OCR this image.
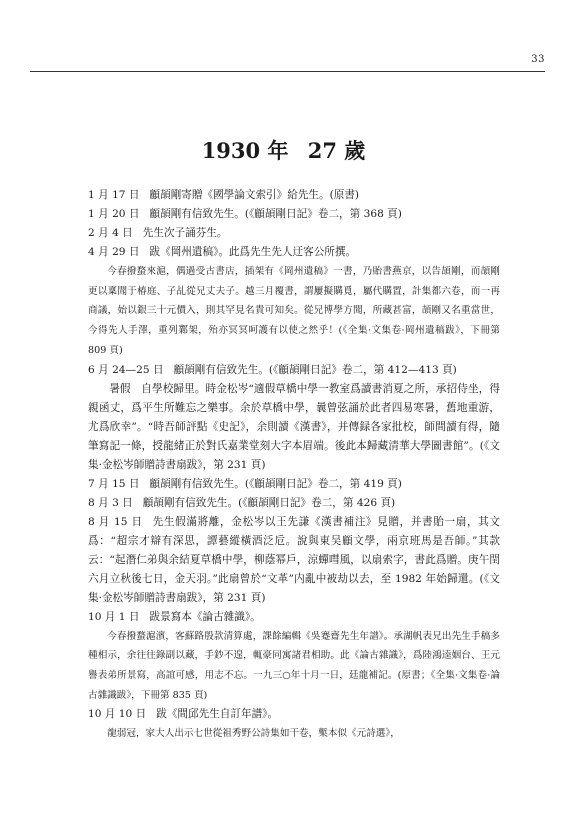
33
1930 年 27 歲
1 月 17 日 顧頡剛寄贈《國學論文索引》給先生。(原書)
1 月 20 日 顧頡剛有信致先生。(《顧頡剛日記》卷二，第 368 頁)
2 月 4 日 先生次子誦芬生。
4 月 29 日 跋《岡州遺稿》。此爲先生先人迂客公所撰。
今春撥蝥來滬，偶過受古書店，插架有《岡州遺稿》一書，乃貽書燕京，以告頡剛，而頡剛更以稟聞于椿庭、子乩從兄丈夫子。越三月覆書，謂屢擬購覓，屬代購置，計集都六卷，而一再商議，始以銀三十元價入，則其罕見名貴可知矣。從兄博學方聞，所藏甚富，頡剛又名重當世，今得先人手澤，重列鄴架，殆亦冥冥呵護有以使之然乎！(《全集·文集卷·岡州遺稿跋》，下冊第 809 頁)
6 月 24—25 日 顧頡剛有信致先生。(《顧頡剛日記》卷二，第 412—413 頁)
暑假　自學校歸里。時金松岑“適假草橋中學一教室爲讀書消夏之所，承招侍坐，得親函丈，爲平生所難忘之樂事。余於草橋中學，曩曾弦誦於此者四易寒暑，舊地重游，尤爲欣幸”。“時吾師評點《史記》，余則讀《漢書》，并傳録各家批校，師間讀有得，隨筆寫記一條，授龍緒正於對氏嘉業堂刻大字本眉端。後此本歸藏清華大學圖書館”。(《文集·金松岑師贈詩書扇跋》，第 231 頁)
7 月 15 日 顧頡剛有信致先生。(《顧頡剛日記》卷二，第 419 頁)
8 月 3 日 顧頡剛有信致先生。(《顧頡剛日記》卷二，第 426 頁)
8 月 15 日 先生假滿將離，金松岑以王先謙《漢書補注》見贈，并書貽一扇，其文爲：“超宗才辯有深思，譚藝縱橫酒泛卮。說與東吴顧文學，兩京班馬是吾師。”其款云：“起潛仁弟與余結夏草橋中學，柳蔭幂戶，涼蟬嘒風，以扇索字，書此爲贈。庚午閏六月立秋後七日，金天羽。”此扇曾於“文革”内亂中被劫以去，至 1982 年始歸還。(《文集·金松岑師贈詩書扇跋》，第 231 頁)
10 月 1 日 跋景寫本《論古雜識》。
今春撥蝥滬濱，客蘇路殷款清算處，課餘編輯《吳蹇齋先生年譜》。承湖帆表兄出先生手稿多種相示，余往往錄副以藏，手鈔不遑，輒豪同寓諸君相助。此《論古雜識》，爲陸鴻逵姻台、王元譽表弟所景寫，高誼可感，用志不忘。一九三○年十月一日，廷龍補記。(原書；《全集·文集卷·論古雜識跋》，下冊第 835 頁)
10 月 10 日 跋《間邱先生自訂年譜》。
龍弱冠，家大人出示七世從祖秀野公詩集如干卷，槧本似《元詩選》，
